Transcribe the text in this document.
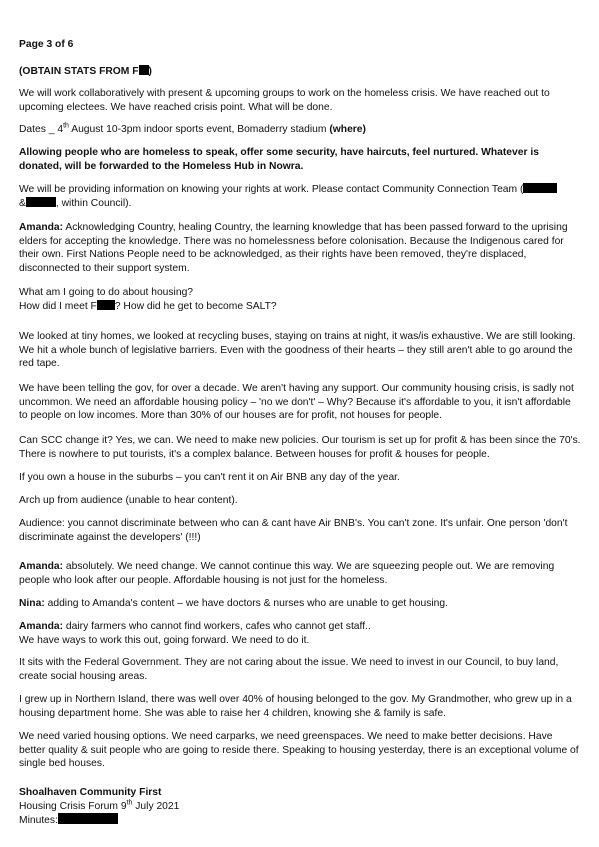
Page 3 of 6

(OBTAIN STATS FROM F )

We will work collaboratively with present & upcoming groups to work on the homeless crisis. We have reached out to upcoming electees. We have reached crisis point. What will be done.

Dates _ 4th August 10-3pm indoor sports event, Bomaderry stadium (where)

Allowing people who are homeless to speak, offer some security, have haircuts, feel nurtured. Whatever is donated, will be forwarded to the Homeless Hub in Nowra.

We will be providing information on knowing your rights at work. Please contact Community Connection Team (
&	, within Council).

Amanda: Acknowledging Country, healing Country, the learning knowledge that has been passed forward to the uprising elders for accepting the knowledge. There was no homelessness before colonisation. Because the Indigenous cared for their own. First Nations People need to be acknowledged, as their rights have been removed, they're displaced, disconnected to their support system.

What am I going to do about housing?
How did I meet F ? How did he get to become SALT?

We looked at tiny homes, we looked at recycling buses, staying on trains at night, it was/is exhaustive. We are still looking. We hit a whole bunch of legislative barriers. Even with the goodness of their hearts – they still aren't able to go around the red tape.

We have been telling the gov, for over a decade. We aren't having any support. Our community housing crisis, is sadly not uncommon. We need an affordable housing policy – 'no we don't' – Why? Because it's affordable to you, it isn't affordable to people on low incomes. More than 30% of our houses are for profit, not houses for people.

Can SCC change it? Yes, we can. We need to make new policies. Our tourism is set up for profit & has been since the 70's. There is nowhere to put tourists, it's a complex balance. Between houses for profit & houses for people.

If you own a house in the suburbs – you can't rent it on Air BNB any day of the year.

Arch up from audience (unable to hear content).

Audience: you cannot discriminate between who can & cant have Air BNB's. You can't zone. It's unfair. One person 'don't discriminate against the developers' (!!!)

Amanda: absolutely. We need change. We cannot continue this way. We are squeezing people out. We are removing people who look after our people. Affordable housing is not just for the homeless.

Nina: adding to Amanda's content – we have doctors & nurses who are unable to get housing.

Amanda: dairy farmers who cannot find workers, cafes who cannot get staff..
We have ways to work this out, going forward. We need to do it.

It sits with the Federal Government. They are not caring about the issue. We need to invest in our Council, to buy land, create social housing areas.

I grew up in Northern Island, there was well over 40% of housing belonged to the gov. My Grandmother, who grew up in a housing department home. She was able to raise her 4 children, knowing she & family is safe.

We need varied housing options. We need carparks, we need greenspaces. We need to make better decisions. Have better quality & suit people who are going to reside there. Speaking to housing yesterday, there is an exceptional volume of single bed houses.

Shoalhaven Community First
Housing Crisis Forum 9th July 2021
Minutes:
